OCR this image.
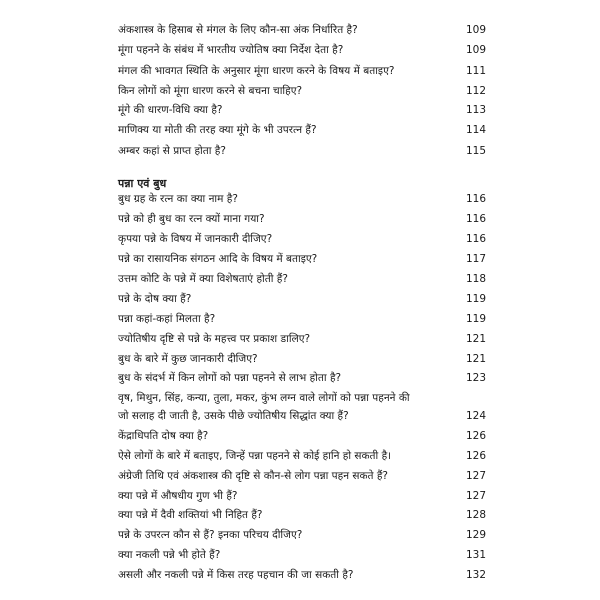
अंकशास्त्र के हिसाब से मंगल के लिए कौन-सा अंक निर्धारित है?	109
मूंगा पहनने के संबंध में भारतीय ज्योतिष क्या निर्देश देता है?	109
मंगल की भावगत स्थिति के अनुसार मूंगा धारण करने के विषय में बताइए?	111
किन लोगों को मूंगा धारण करने से बचना चाहिए?	112
मूंगे की धारण-विधि क्या है?	113
माणिक्य या मोती की तरह क्या मूंगे के भी उपरत्न हैं?	114
अम्बर कहां से प्राप्त होता है?	115
पन्ना एवं बुध
बुध ग्रह के रत्न का क्या नाम है?	116
पन्ने को ही बुध का रत्न क्यों माना गया?	116
कृपया पन्ने के विषय में जानकारी दीजिए?	116
पन्ने का रासायनिक संगठन आदि के विषय में बताइए?	117
उत्तम कोटि के पन्ने में क्या विशेषताएं होती हैं?	118
पन्ने के दोष क्या हैं?	119
पन्ना कहां-कहां मिलता है?	119
ज्योतिषीय दृष्टि से पन्ने के महत्त्व पर प्रकाश डालिए?	121
बुध के बारे में कुछ जानकारी दीजिए?	121
बुध के संदर्भ में किन लोगों को पन्ना पहनने से लाभ होता है?	123
वृष, मिथुन, सिंह, कन्या, तुला, मकर, कुंभ लग्न वाले लोगों को पन्ना पहनने की
जो सलाह दी जाती है, उसके पीछे ज्योतिषीय सिद्धांत क्या हैं?	124
केंद्राधिपति दोष क्या है?	126
ऐसे लोगों के बारे में बताइए, जिन्हें पन्ना पहनने से कोई हानि हो सकती है।	126
अंग्रेजी तिथि एवं अंकशास्त्र की दृष्टि से कौन-से लोग पन्ना पहन सकते हैं?	127
क्या पन्ने में औषधीय गुण भी हैं?	127
क्या पन्ने में दैवी शक्तियां भी निहित हैं?	128
पन्ने के उपरत्न कौन से हैं? इनका परिचय दीजिए?	129
क्या नकली पन्ने भी होते हैं?	131
असली और नकली पन्ने में किस तरह पहचान की जा सकती है?	132
